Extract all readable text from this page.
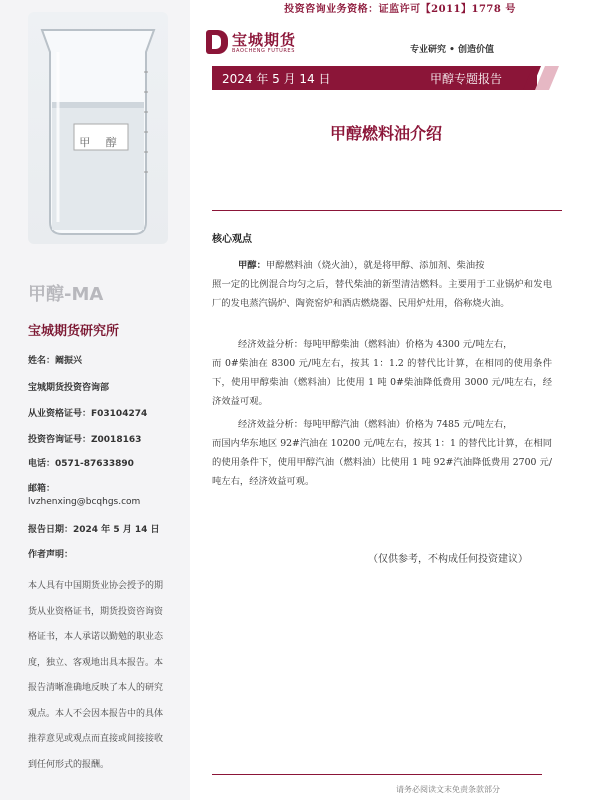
投资咨询业务资格：证监许可【2011】1778 号
甲 醇
甲醇-MA
宝城期货研究所
姓名：阚振兴
宝城期货投资咨询部
从业资格证号：F03104274
投资咨询证号：Z0018163
电话：0571-87633890
邮箱：
lvzhenxing@bcqhgs.com
报告日期：2024 年 5 月 14 日
作者声明：
本人具有中国期货业协会授予的期货从业资格证书，期货投资咨询资格证书，本人承诺以勤勉的职业态度，独立、客观地出具本报告。本报告清晰准确地反映了本人的研究观点。本人不会因本报告中的具体推荐意见或观点而直接或间接接收到任何形式的报酬。
宝城期货
BAOCHENG FUTURES	专业研究 • 创造价值
2024 年 5 月 14 日	甲醇专题报告
甲醇燃料油介绍
核心观点
甲醇：甲醇燃料油（烧火油），就是将甲醇、添加剂、柴油按
照一定的比例混合均匀之后，替代柴油的新型清洁燃料。主要用于工业锅炉和发电厂的发电蒸汽锅炉、陶瓷窑炉和酒店燃烧器、民用炉灶用，俗称烧火油。
经济效益分析：每吨甲醇柴油（燃料油）价格为 4300 元/吨左右，
而 0#柴油在 8300 元/吨左右，按其 1：1.2 的替代比计算，在相同的使用条件下，使用甲醇柴油（燃料油）比使用 1 吨 0#柴油降低费用 3000 元/吨左右，经济效益可观。
经济效益分析：每吨甲醇汽油（燃料油）价格为 7485 元/吨左右，
而国内华东地区 92#汽油在 10200 元/吨左右，按其 1：1 的替代比计算，在相同的使用条件下，使用甲醇汽油（燃料油）比使用 1 吨 92#汽油降低费用 2700 元/吨左右，经济效益可观。
（仅供参考，不构成任何投资建议）
请务必阅读文末免责条款部分
